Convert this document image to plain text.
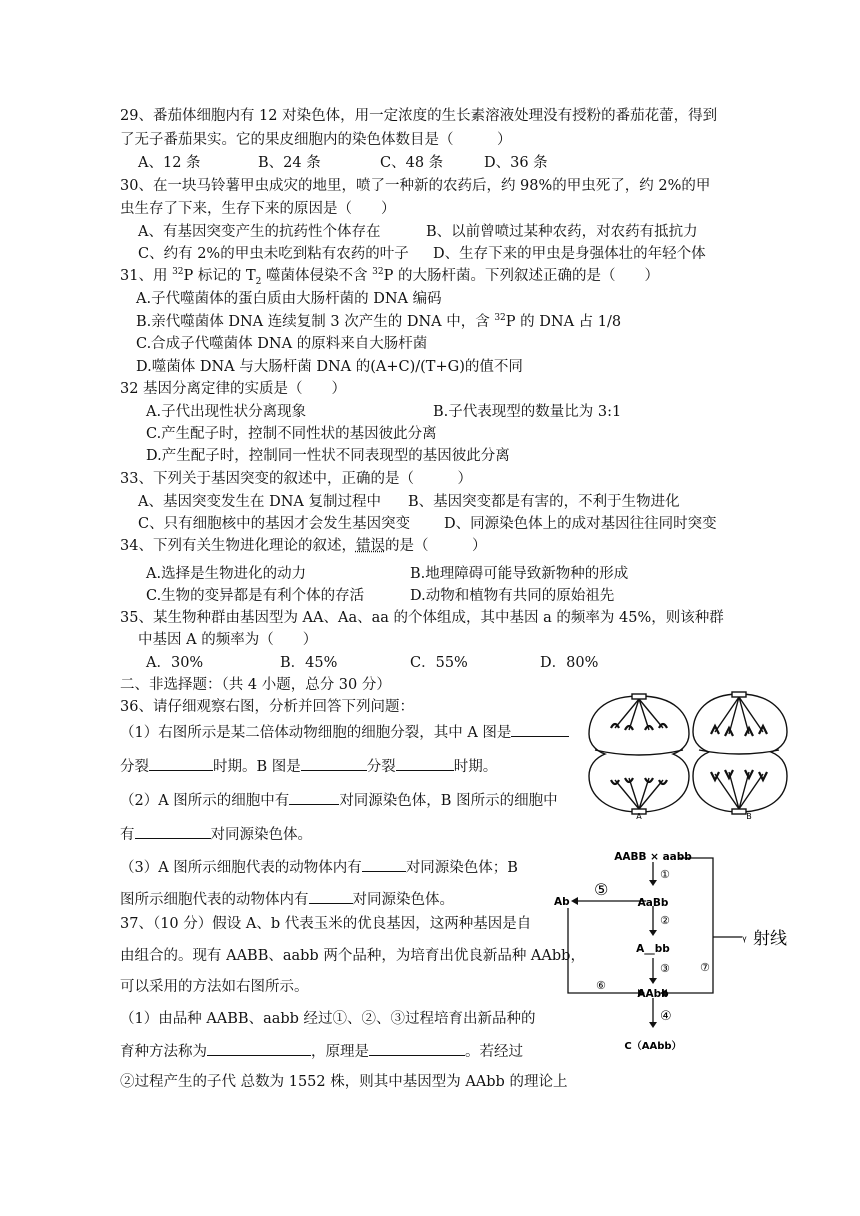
29、番茄体细胞内有 12 对染色体，用一定浓度的生长素溶液处理没有授粉的番茄花蕾，得到
了无子番茄果实。它的果皮细胞内的染色体数目是（　　　）
A、12 条	B、24 条	C、48 条	D、36 条
30、在一块马铃薯甲虫成灾的地里，喷了一种新的农药后，约 98%的甲虫死了，约 2%的甲
虫生存了下来，生存下来的原因是（　　）
A、有基因突变产生的抗药性个体存在	B、以前曾喷过某种农药，对农药有抵抗力
C、约有 2%的甲虫未吃到粘有农药的叶子 D、生存下来的甲虫是身强体壮的年轻个体
31、用 $^{32}$P 标记的 $T_2$ 噬菌体侵染不含 $^{32}$P 的大肠杆菌。下列叙述正确的是（　　）
A.子代噬菌体的蛋白质由大肠杆菌的 DNA 编码
B.亲代噬菌体 DNA 连续复制 3 次产生的 DNA 中，含 $^{32}$P 的 DNA 占 1/8
C.合成子代噬菌体 DNA 的原料来自大肠杆菌
D.噬菌体 DNA 与大肠杆菌 DNA 的(A+C)/(T+G)的值不同
32 基因分离定律的实质是（　　）
A.子代出现性状分离现象	B.子代表现型的数量比为 3:1
C.产生配子时，控制不同性状的基因彼此分离
D.产生配子时，控制同一性状不同表现型的基因彼此分离
33、下列关于基因突变的叙述中，正确的是（　　　）
A、基因突变发生在 DNA 复制过程中 B、基因突变都是有害的，不利于生物进化
C、只有细胞核中的基因才会发生基因突变 D、同源染色体上的成对基因往往同时突变
34、下列有关生物进化理论的叙述，错误的是（　　　）
A.选择是生物进化的动力	B.地理障碍可能导致新物种的形成
C.生物的变异都是有利个体的存活	D.动物和植物有共同的原始祖先
35、某生物种群由基因型为 AA、Aa、aa 的个体组成，其中基因 a 的频率为 45%，则该种群
中基因 A 的频率为（　　）
A．30%	B．45%	C．55%	D．80%
二、非选择题：（共 4 小题，总分 30 分）
36、请仔细观察右图，分析并回答下列问题：
（1）右图所示是某二倍体动物细胞的细胞分裂，其中 A 图是
分裂	时期。B 图是	分裂	时期。
（2）A 图所示的细胞中有	对同源染色体，B 图所示的细胞中
有	对同源染色体。
（3）A 图所示细胞代表的动物体内有	对同源染色体；B
图所示细胞代表的动物体内有	对同源染色体。
37、（10 分）假设 A、b 代表玉米的优良基因，这两种基因是自
由组合的。现有 AABB、aabb 两个品种，为培育出优良新品种 AAbb，
可以采用的方法如右图所示。
（1）由品种 AABB、aabb 经过①、②、③过程培育出新品种的
育种方法称为	，原理是	。若经过
②过程产生的子代 总数为 1552 株，则其中基因型为 AAbb 的理论上
A	B
AABB × aabb
①
AaBb
②
A__bb
③
AAbb
④
C（AAbb）
⑤
Ab
⑥
⑦
γ 射线
